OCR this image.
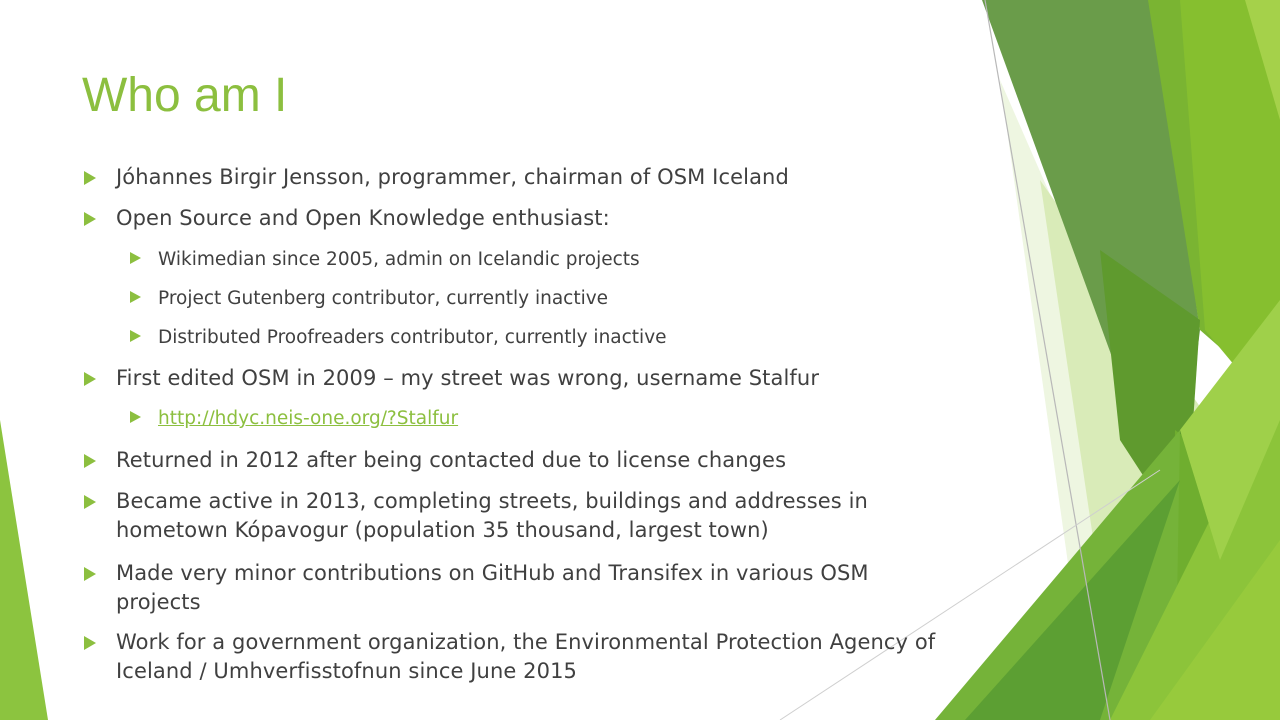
Who am I
Jóhannes Birgir Jensson, programmer, chairman of OSM Iceland
Open Source and Open Knowledge enthusiast:
Wikimedian since 2005, admin on Icelandic projects
Project Gutenberg contributor, currently inactive
Distributed Proofreaders contributor, currently inactive
First edited OSM in 2009 – my street was wrong, username Stalfur
http://hdyc.neis-one.org/?Stalfur
Returned in 2012 after being contacted due to license changes
Became active in 2013, completing streets, buildings and addresses in
hometown Kópavogur (population 35 thousand, largest town)
Made very minor contributions on GitHub and Transifex in various OSM
projects
Work for a government organization, the Environmental Protection Agency of
Iceland / Umhverfisstofnun since June 2015
